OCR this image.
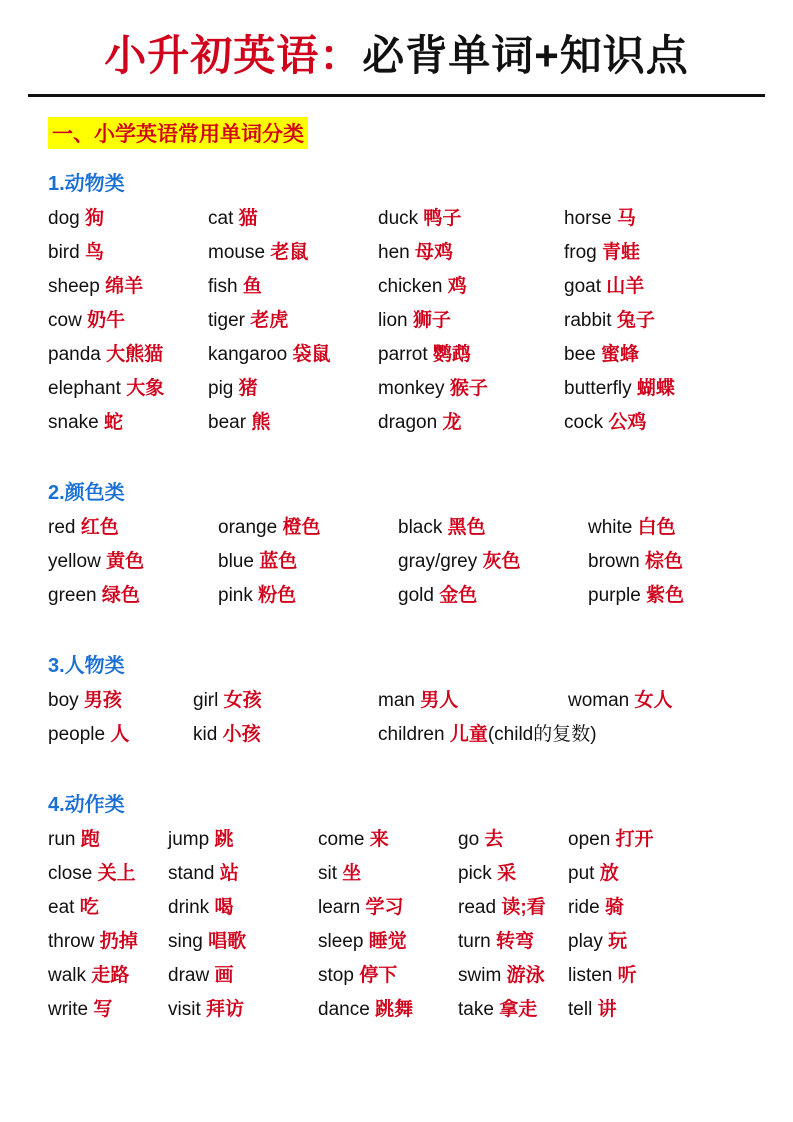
小升初英语：必背单词+知识点
一、小学英语常用单词分类
1.动物类
dog 狗	cat 猫	duck 鸭子	horse 马
bird 鸟	mouse 老鼠	hen 母鸡	frog 青蛙
sheep 绵羊	fish 鱼	chicken 鸡	goat 山羊
cow 奶牛	tiger 老虎	lion 狮子	rabbit 兔子
panda 大熊猫	kangaroo 袋鼠	parrot 鹦鹉	bee 蜜蜂
elephant 大象	pig 猪	monkey 猴子	butterfly 蝴蝶
snake 蛇	bear 熊	dragon 龙	cock 公鸡
2.颜色类
red 红色	orange 橙色	black 黑色	white 白色
yellow 黄色	blue 蓝色	gray/grey 灰色	brown 棕色
green 绿色	pink 粉色	gold 金色	purple 紫色
3.人物类
boy 男孩	girl 女孩	man 男人	woman 女人
people 人	kid 小孩	children 儿童(child的复数)
4.动作类
run 跑	jump 跳	come 来	go 去	open 打开
close 关上	stand 站	sit 坐	pick 采	put 放
eat 吃	drink 喝	learn 学习	read 读;看	ride 骑
throw 扔掉	sing 唱歌	sleep 睡觉	turn 转弯	play 玩
walk 走路	draw 画	stop 停下	swim 游泳	listen 听
write 写	visit 拜访	dance 跳舞	take 拿走	tell 讲
